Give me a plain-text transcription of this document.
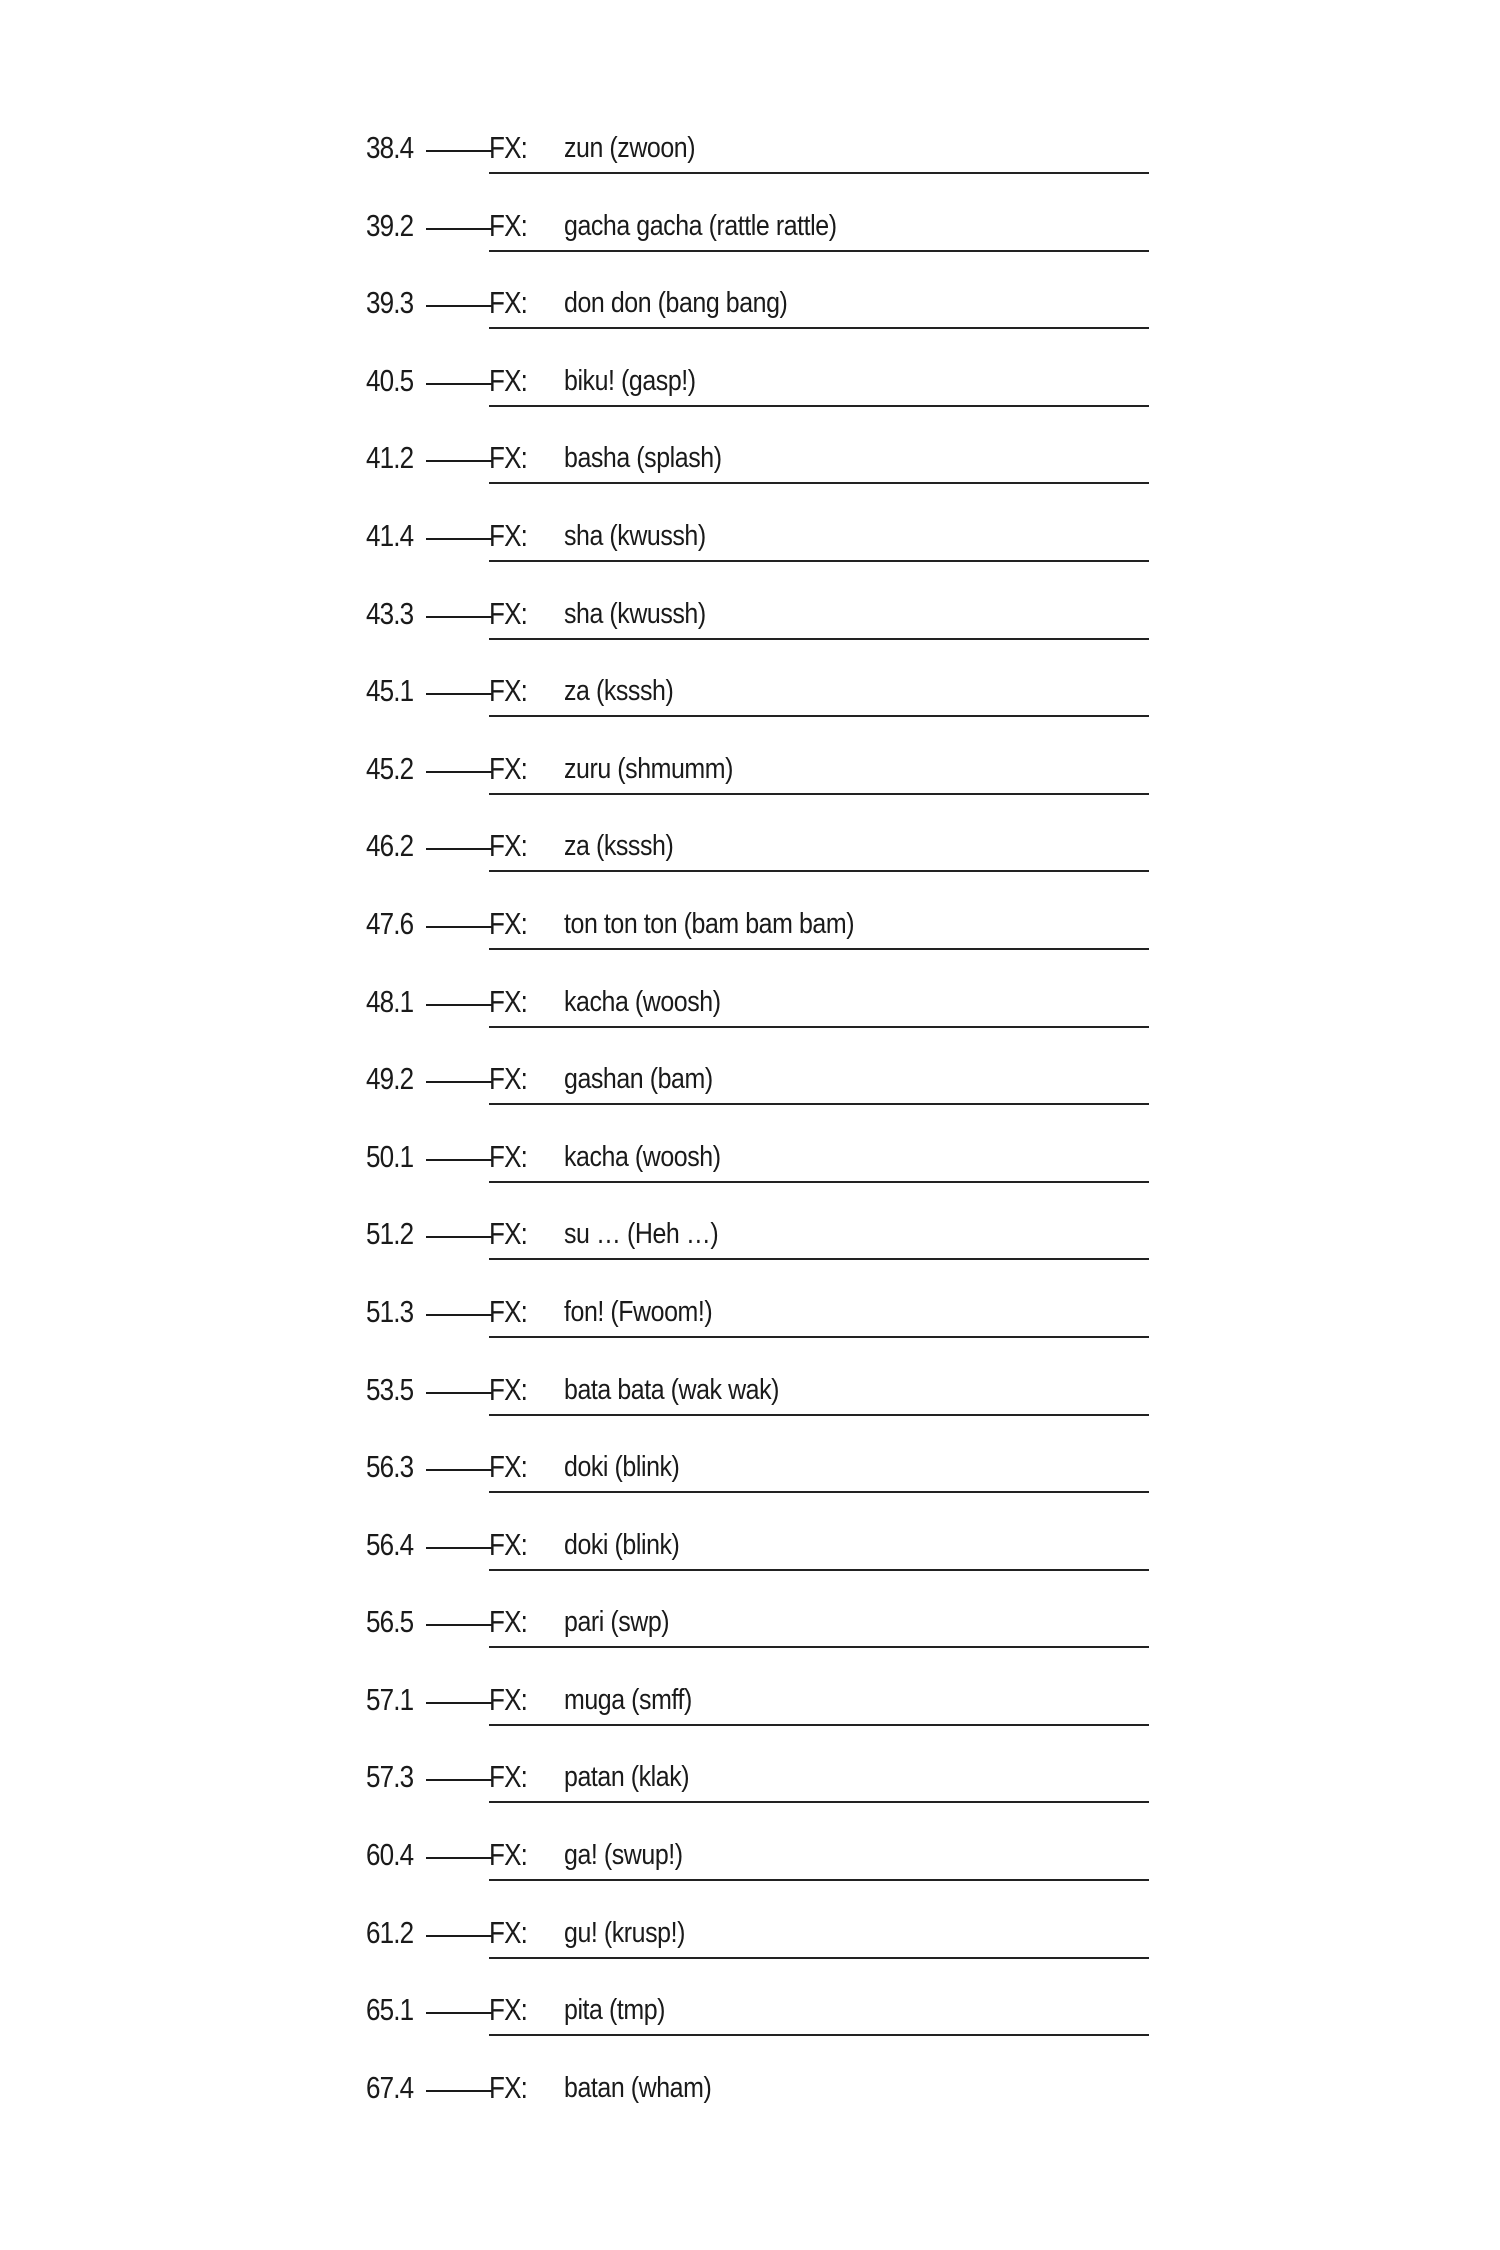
38.4 FX: zun (zwoon)
39.2 FX: gacha gacha (rattle rattle)
39.3 FX: don don (bang bang)
40.5 FX: biku! (gasp!)
41.2 FX: basha (splash)
41.4 FX: sha (kwussh)
43.3 FX: sha (kwussh)
45.1 FX: za (ksssh)
45.2 FX: zuru (shmumm)
46.2 FX: za (ksssh)
47.6 FX: ton ton ton (bam bam bam)
48.1 FX: kacha (woosh)
49.2 FX: gashan (bam)
50.1 FX: kacha (woosh)
51.2 FX: su … (Heh …)
51.3 FX: fon! (Fwoom!)
53.5 FX: bata bata (wak wak)
56.3 FX: doki (blink)
56.4 FX: doki (blink)
56.5 FX: pari (swp)
57.1 FX: muga (smff)
57.3 FX: patan (klak)
60.4 FX: ga! (swup!)
61.2 FX: gu! (krusp!)
65.1 FX: pita (tmp)
67.4 FX: batan (wham)
